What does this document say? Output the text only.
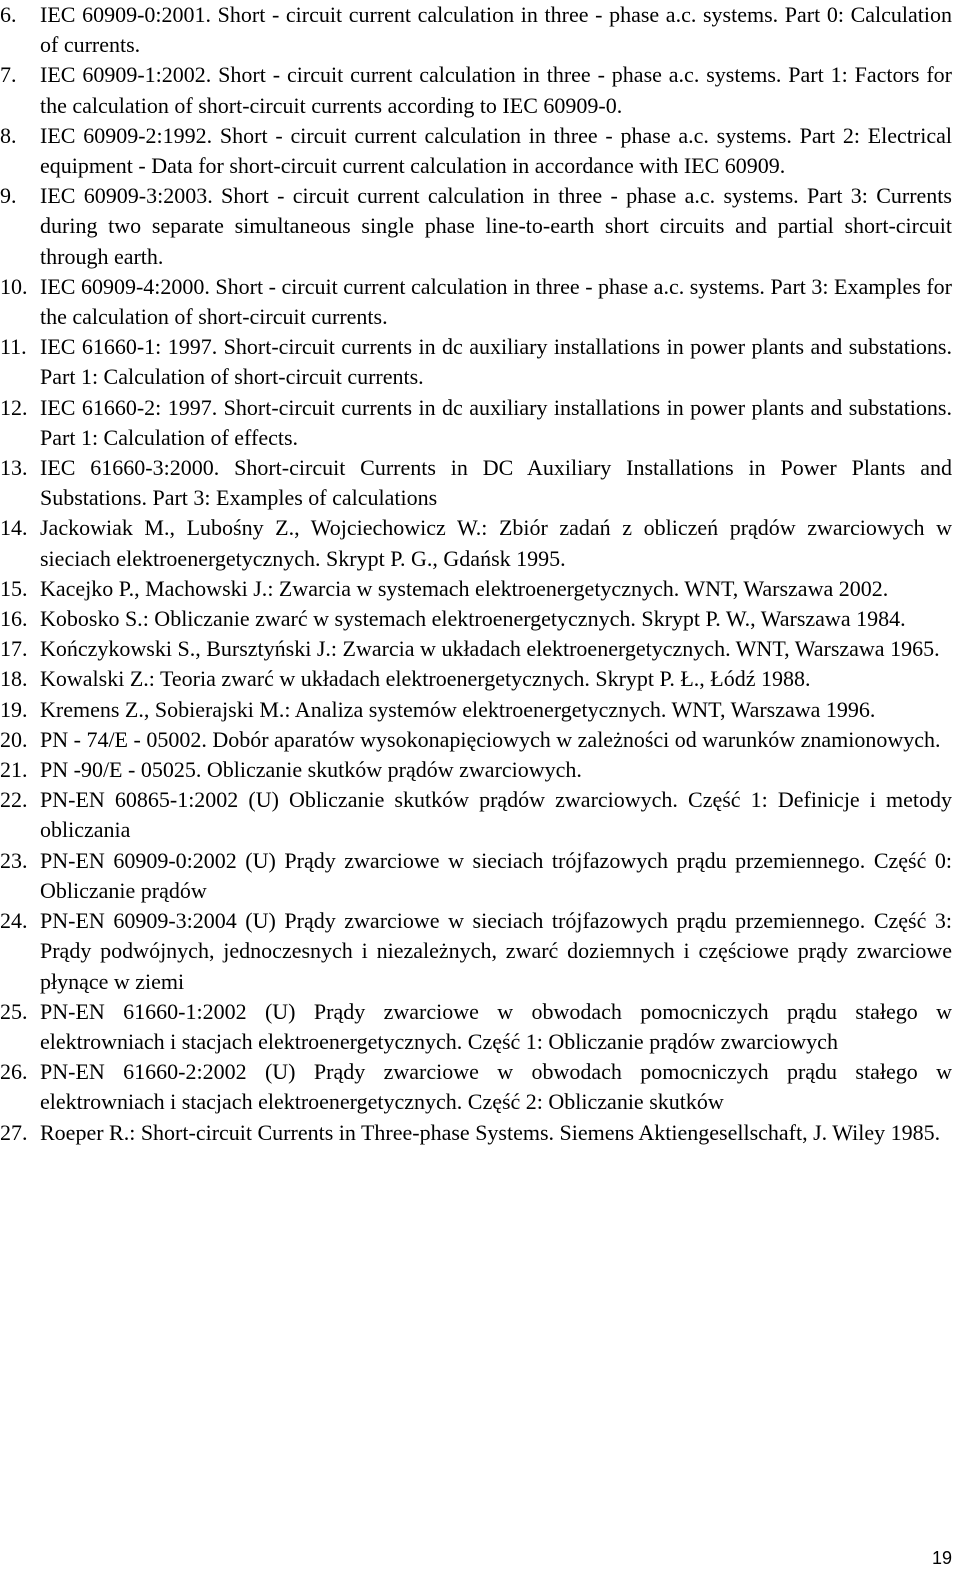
6. IEC 60909-0:2001. Short - circuit current calculation in three - phase a.c. systems. Part 0: Calculation of currents.
7. IEC 60909-1:2002. Short - circuit current calculation in three - phase a.c. systems. Part 1: Factors for the calculation of short-circuit currents according to IEC 60909-0.
8. IEC 60909-2:1992. Short - circuit current calculation in three - phase a.c. systems. Part 2: Electrical equipment - Data for short-circuit current calculation in accordance with IEC 60909.
9. IEC 60909-3:2003. Short - circuit current calculation in three - phase a.c. systems. Part 3: Currents during two separate simultaneous single phase line-to-earth short circuits and partial short-circuit through earth.
10. IEC 60909-4:2000. Short - circuit current calculation in three - phase a.c. systems. Part 3: Examples for the calculation of short-circuit currents.
11. IEC 61660-1: 1997. Short-circuit currents in dc auxiliary installations in power plants and substations. Part 1: Calculation of short-circuit currents.
12. IEC 61660-2: 1997. Short-circuit currents in dc auxiliary installations in power plants and substations. Part 1: Calculation of effects.
13. IEC 61660-3:2000. Short-circuit Currents in DC Auxiliary Installations in Power Plants and Substations. Part 3: Examples of calculations
14. Jackowiak M., Lubośny Z., Wojciechowicz W.: Zbiór zadań z obliczeń prądów zwarciowych w sieciach elektroenergetycznych. Skrypt P. G., Gdańsk 1995.
15. Kacejko P., Machowski J.: Zwarcia w systemach elektroenergetycznych. WNT, Warszawa 2002.
16. Kobosko S.: Obliczanie zwarć w systemach elektroenergetycznych. Skrypt P. W., Warszawa 1984.
17. Kończykowski S., Bursztyński J.: Zwarcia w układach elektroenergetycznych. WNT, Warszawa 1965.
18. Kowalski Z.: Teoria zwarć w układach elektroenergetycznych. Skrypt P. Ł., Łódź 1988.
19. Kremens Z., Sobierajski M.: Analiza systemów elektroenergetycznych. WNT, Warszawa 1996.
20. PN - 74/E - 05002. Dobór aparatów wysokonapięciowych w zależności od warunków znamionowych.
21. PN -90/E - 05025. Obliczanie skutków prądów zwarciowych.
22. PN-EN 60865-1:2002 (U) Obliczanie skutków prądów zwarciowych. Część 1: Definicje i metody obliczania
23. PN-EN 60909-0:2002 (U) Prądy zwarciowe w sieciach trójfazowych prądu przemiennego. Część 0: Obliczanie prądów
24. PN-EN 60909-3:2004 (U) Prądy zwarciowe w sieciach trójfazowych prądu przemiennego. Część 3: Prądy podwójnych, jednoczesnych i niezależnych, zwarć doziemnych i częściowe prądy zwarciowe płynące w ziemi
25. PN-EN 61660-1:2002 (U) Prądy zwarciowe w obwodach pomocniczych prądu stałego w elektrowniach i stacjach elektroenergetycznych. Część 1: Obliczanie prądów zwarciowych
26. PN-EN 61660-2:2002 (U) Prądy zwarciowe w obwodach pomocniczych prądu stałego w elektrowniach i stacjach elektroenergetycznych. Część 2: Obliczanie skutków
27. Roeper R.: Short-circuit Currents in Three-phase Systems. Siemens Aktiengesellschaft, J. Wiley 1985.
19
